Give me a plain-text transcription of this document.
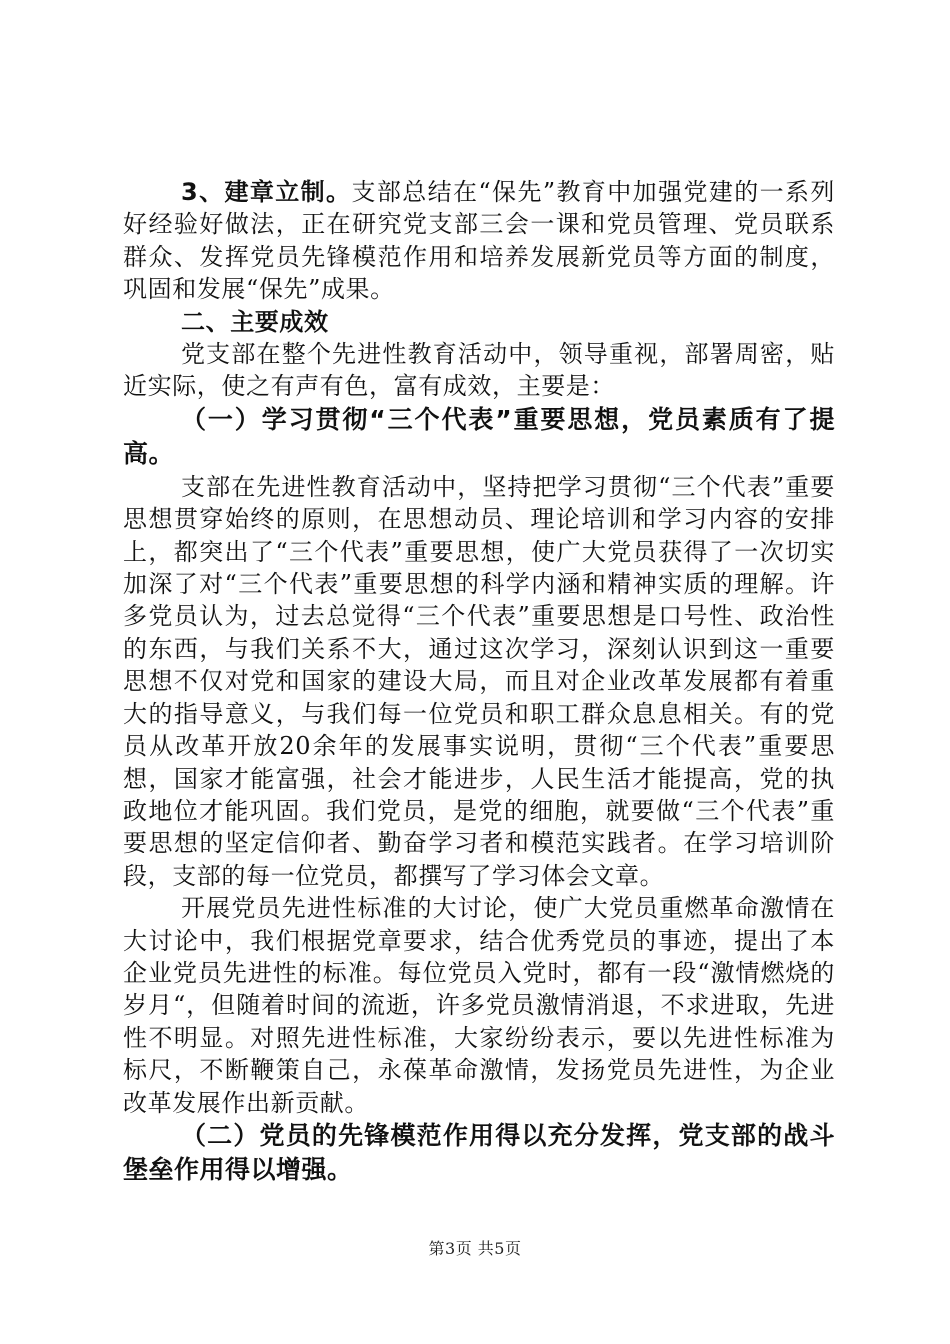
3、建章立制。支部总结在“保先”教育中加强党建的一系列好经验好做法，正在研究党支部三会一课和党员管理、党员联系群众、发挥党员先锋模范作用和培养发展新党员等方面的制度，巩固和发展“保先”成果。

二、主要成效

党支部在整个先进性教育活动中，领导重视，部署周密，贴近实际，使之有声有色，富有成效，主要是：

（一）学习贯彻“三个代表”重要思想，党员素质有了提高。

支部在先进性教育活动中，坚持把学习贯彻“三个代表”重要思想贯穿始终的原则，在思想动员、理论培训和学习内容的安排上，都突出了“三个代表”重要思想，使广大党员获得了一次切实加深了对“三个代表”重要思想的科学内涵和精神实质的理解。许多党员认为，过去总觉得“三个代表”重要思想是口号性、政治性的东西，与我们关系不大，通过这次学习，深刻认识到这一重要思想不仅对党和国家的建设大局，而且对企业改革发展都有着重大的指导意义，与我们每一位党员和职工群众息息相关。有的党员从改革开放20余年的发展事实说明，贯彻“三个代表”重要思想，国家才能富强，社会才能进步，人民生活才能提高，党的执政地位才能巩固。我们党员，是党的细胞，就要做“三个代表”重要思想的坚定信仰者、勤奋学习者和模范实践者。在学习培训阶段，支部的每一位党员，都撰写了学习体会文章。

开展党员先进性标准的大讨论，使广大党员重燃革命激情在大讨论中，我们根据党章要求，结合优秀党员的事迹，提出了本企业党员先进性的标准。每位党员入党时，都有一段“激情燃烧的岁月“，但随着时间的流逝，许多党员激情消退，不求进取，先进性不明显。对照先进性标准，大家纷纷表示，要以先进性标准为标尺，不断鞭策自己，永葆革命激情，发扬党员先进性，为企业改革发展作出新贡献。

（二）党员的先锋模范作用得以充分发挥，党支部的战斗堡垒作用得以增强。

第3页 共5页
